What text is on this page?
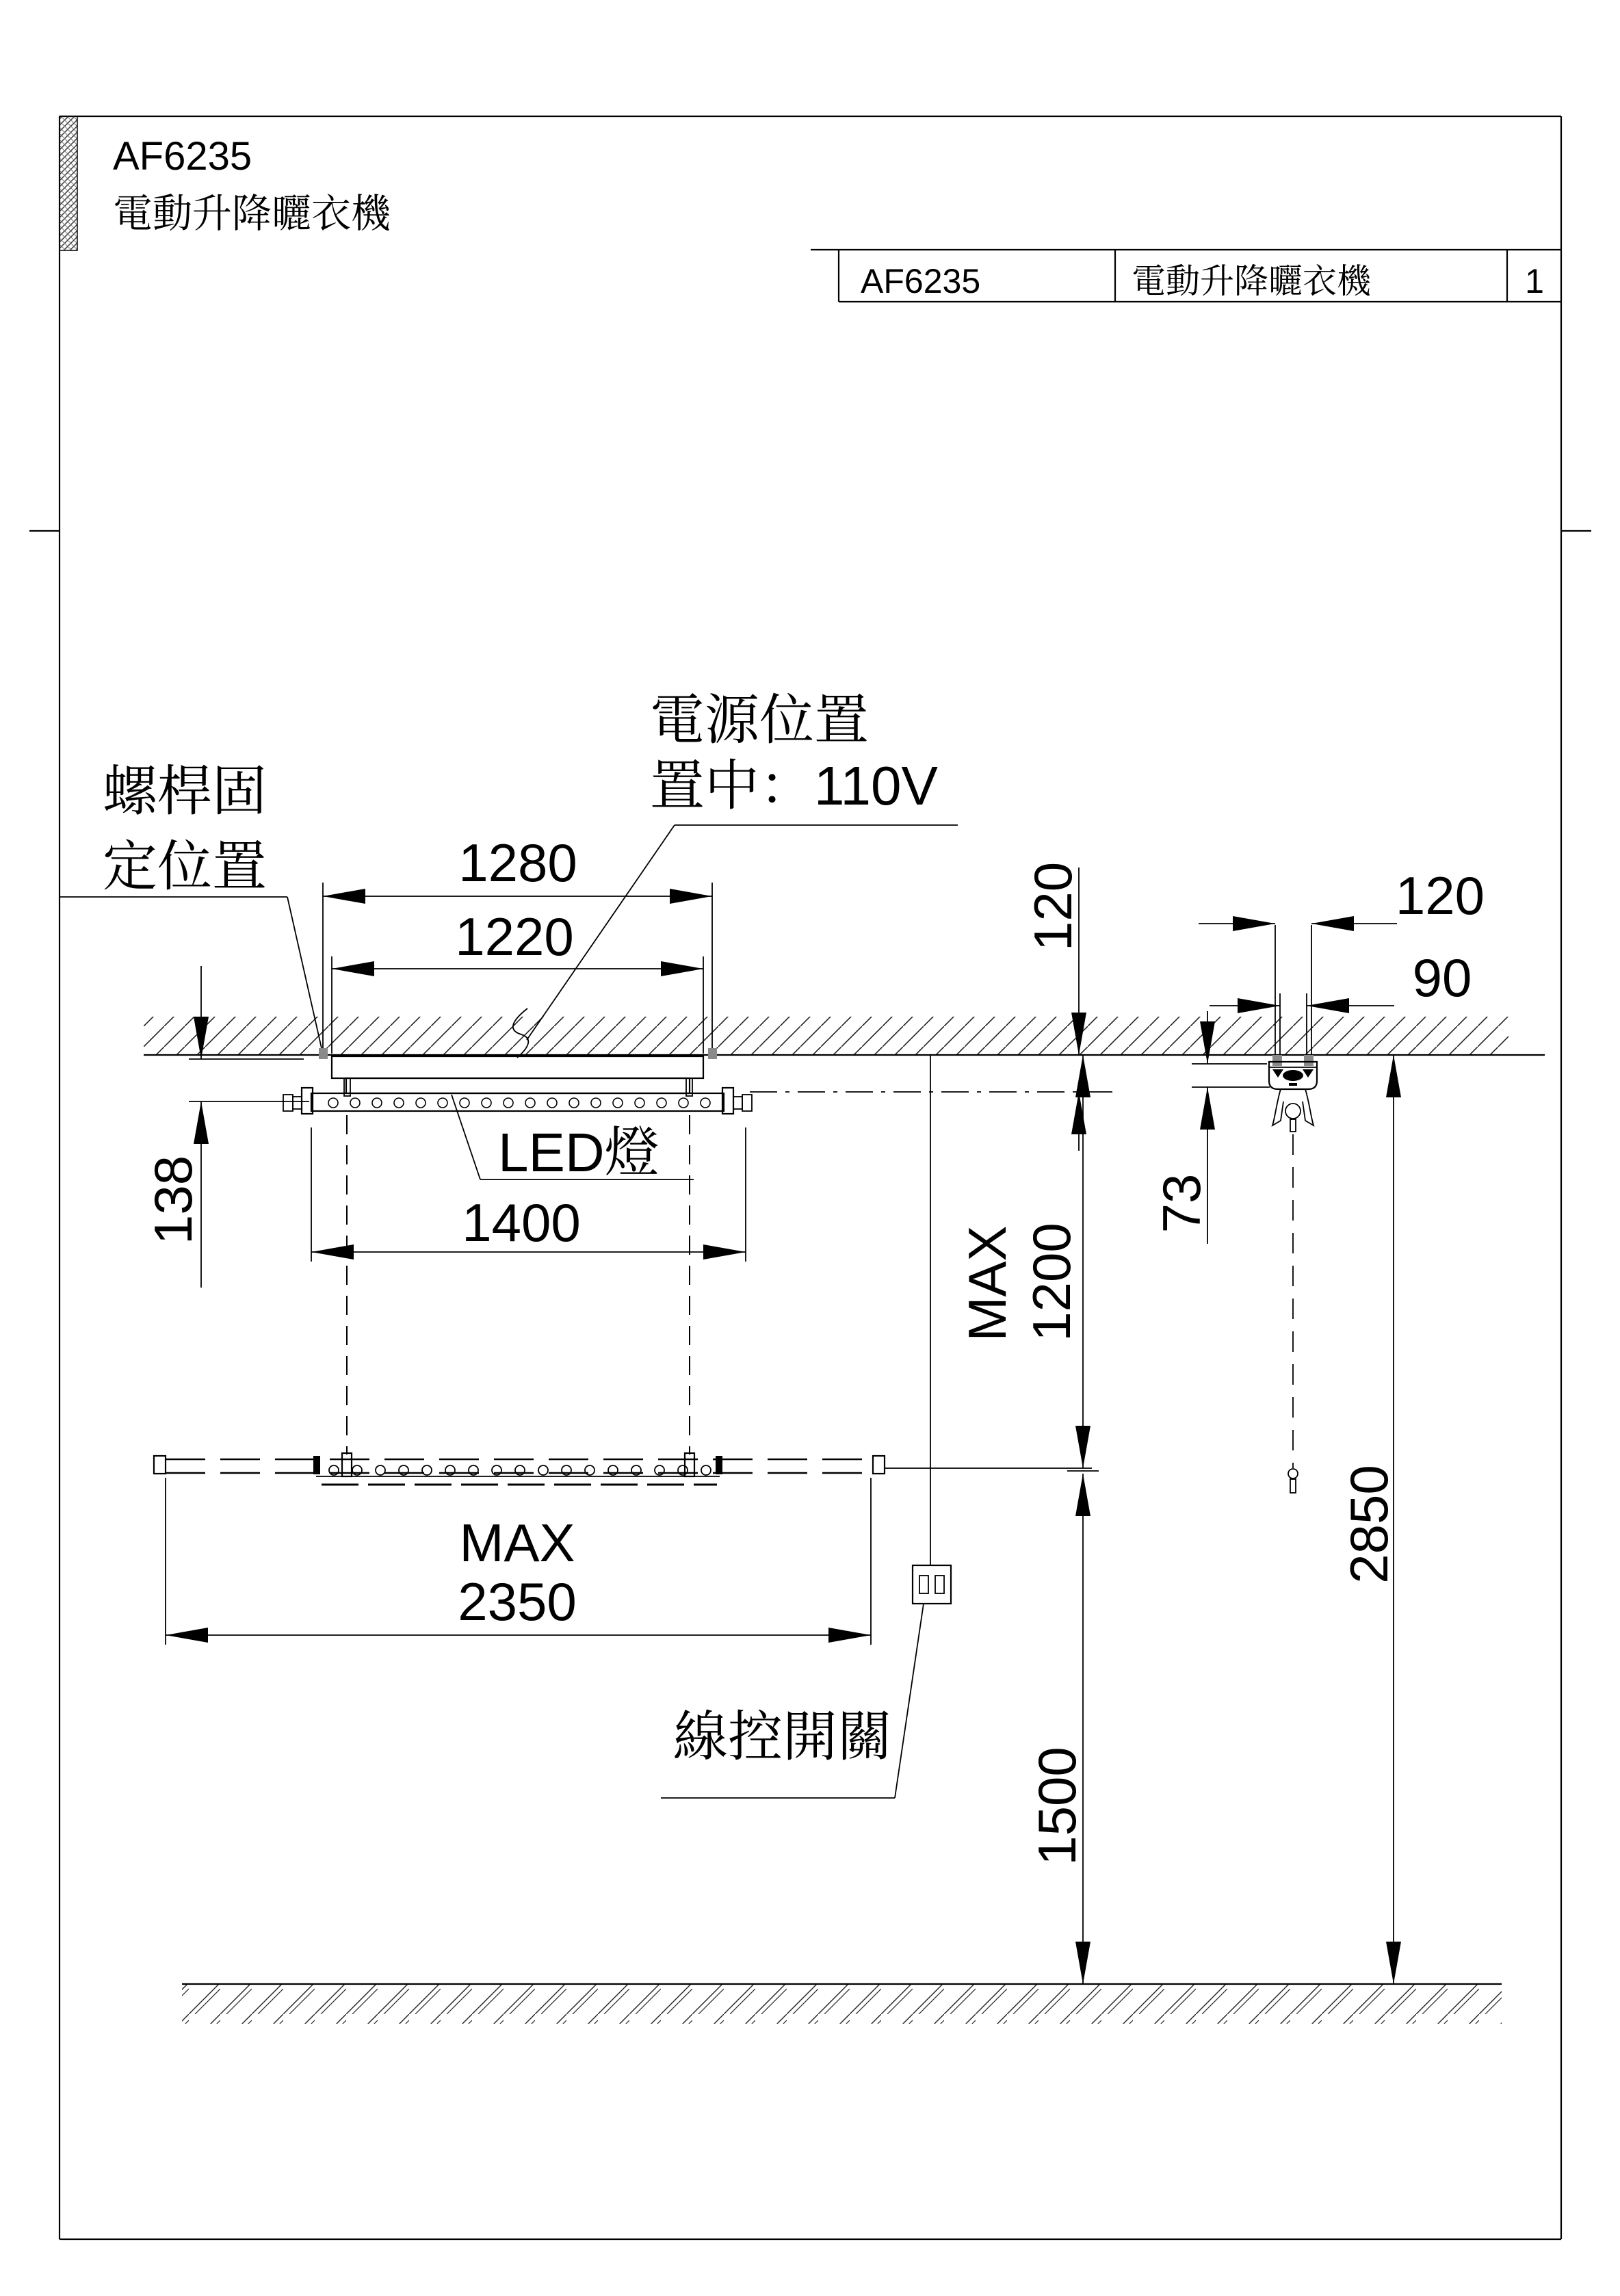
AF6235
電動升降曬衣機
AF6235	電動升降曬衣機	1
線控開關
1280
1220
138	1400
MAX
2350
MAX 1200
1500
120
73
120
90
2850
螺桿固
定位置
電源位置
置中：110V
LED燈
